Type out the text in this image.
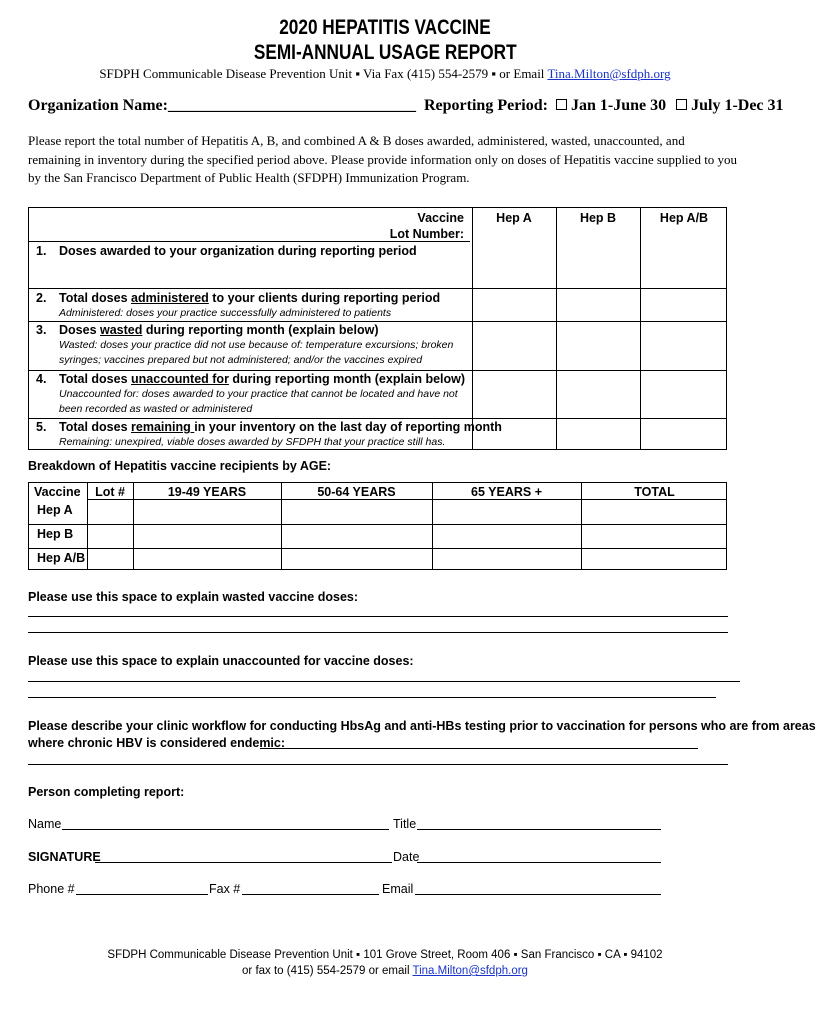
2020 HEPATITIS VACCINE
SEMI-ANNUAL USAGE REPORT
SFDPH Communicable Disease Prevention Unit ▪ Via Fax (415) 554-2579 ▪ or Email Tina.Milton@sfdph.org
Organization Name:_______________________________ Reporting Period: Jan 1-June 30 July 1-Dec 31
Please report the total number of Hepatitis A, B, and combined A & B doses awarded, administered, wasted, unaccounted, and remaining in inventory during the specified period above. Please provide information only on doses of Hepatitis vaccine supplied to you by the San Francisco Department of Public Health (SFDPH) Immunization Program.
Vaccine
Lot Number:
Hep A	Hep B	Hep A/B
1. Doses awarded to your organization during reporting period
2. Total doses administered to your clients during reporting period
Administered: doses your practice successfully administered to patients
3. Doses wasted during reporting month (explain below)
Wasted: doses your practice did not use because of: temperature excursions; broken syringes; vaccines prepared but not administered; and/or the vaccines expired
4. Total doses unaccounted for during reporting month (explain below)
Unaccounted for: doses awarded to your practice that cannot be located and have not been recorded as wasted or administered
5. Total doses remaining in your inventory on the last day of reporting month
Remaining: unexpired, viable doses awarded by SFDPH that your practice still has.
Breakdown of Hepatitis vaccine recipients by AGE:
Vaccine	Lot #	19-49 YEARS	50-64 YEARS	65 YEARS +	TOTAL
Hep A
Hep B
Hep A/B
Please use this space to explain wasted vaccine doses:
Please use this space to explain unaccounted for vaccine doses:
Please describe your clinic workflow for conducting HbsAg and anti-HBs testing prior to vaccination for persons who are from areas
where chronic HBV is considered endemic:
Person completing report:
Name	Title
SIGNATURE	Date
Phone #	Fax #	Email
SFDPH Communicable Disease Prevention Unit ▪ 101 Grove Street, Room 406 ▪ San Francisco ▪ CA ▪ 94102
or fax to (415) 554-2579 or email Tina.Milton@sfdph.org
